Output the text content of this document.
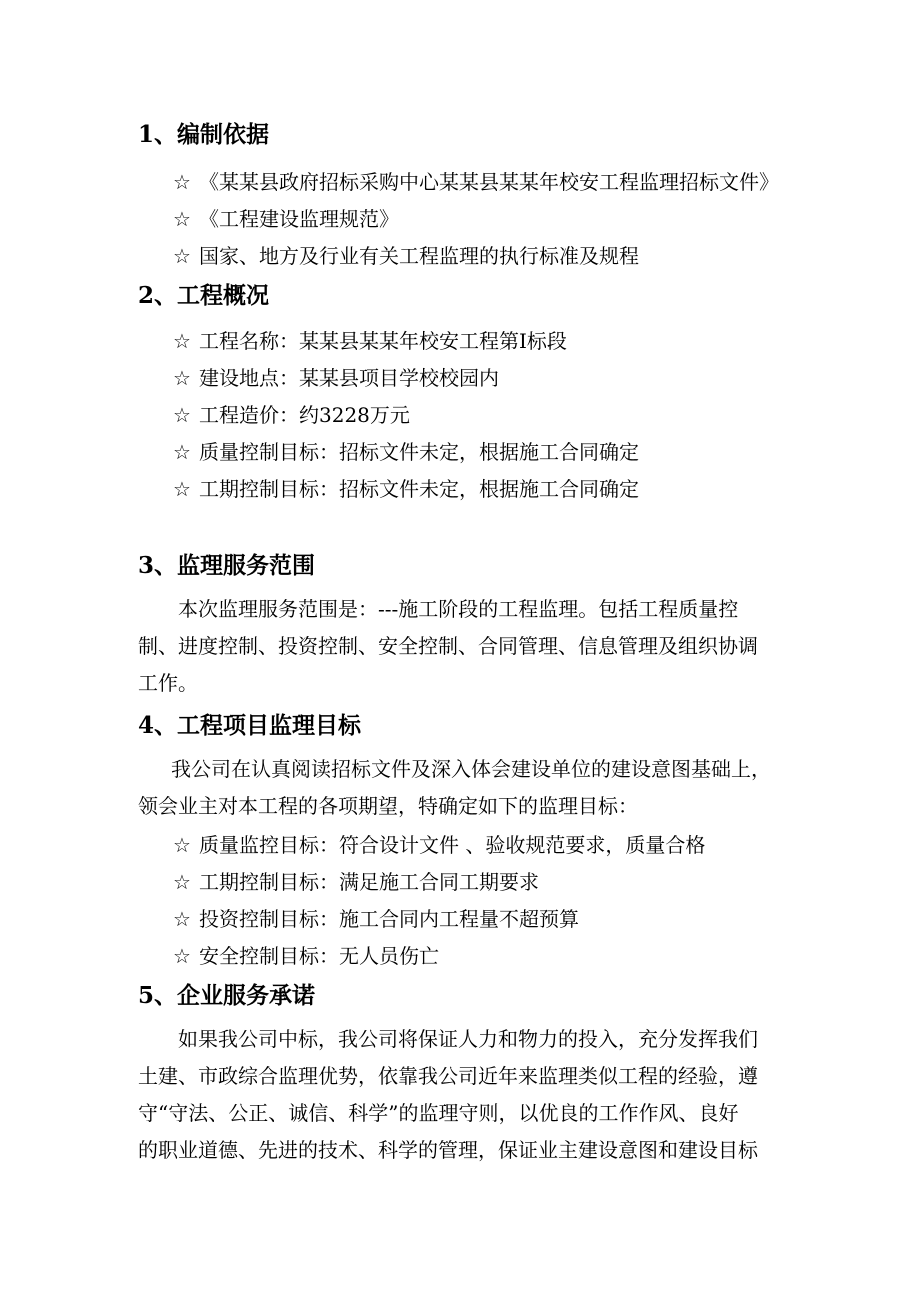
1、编制依据
☆ 《某某县政府招标采购中心某某县某某年校安工程监理招标文件》
☆ 《工程建设监理规范》
☆ 国家、地方及行业有关工程监理的执行标准及规程
2、工程概况
☆ 工程名称：某某县某某年校安工程第Ⅰ标段
☆ 建设地点：某某县项目学校校园内
☆ 工程造价：约3228万元
☆ 质量控制目标：招标文件未定，根据施工合同确定
☆ 工期控制目标：招标文件未定，根据施工合同确定
3、监理服务范围
本次监理服务范围是：---施工阶段的工程监理。包括工程质量控
制、进度控制、投资控制、安全控制、合同管理、信息管理及组织协调
工作。
4、工程项目监理目标
我公司在认真阅读招标文件及深入体会建设单位的建设意图基础上，
领会业主对本工程的各项期望，特确定如下的监理目标：
☆ 质量监控目标：符合设计文件 、验收规范要求，质量合格
☆ 工期控制目标：满足施工合同工期要求
☆ 投资控制目标：施工合同内工程量不超预算
☆ 安全控制目标：无人员伤亡
5、企业服务承诺
如果我公司中标，我公司将保证人力和物力的投入，充分发挥我们
土建、市政综合监理优势，依靠我公司近年来监理类似工程的经验，遵
守“守法、公正、诚信、科学”的监理守则，以优良的工作作风、良好
的职业道德、先进的技术、科学的管理，保证业主建设意图和建设目标
